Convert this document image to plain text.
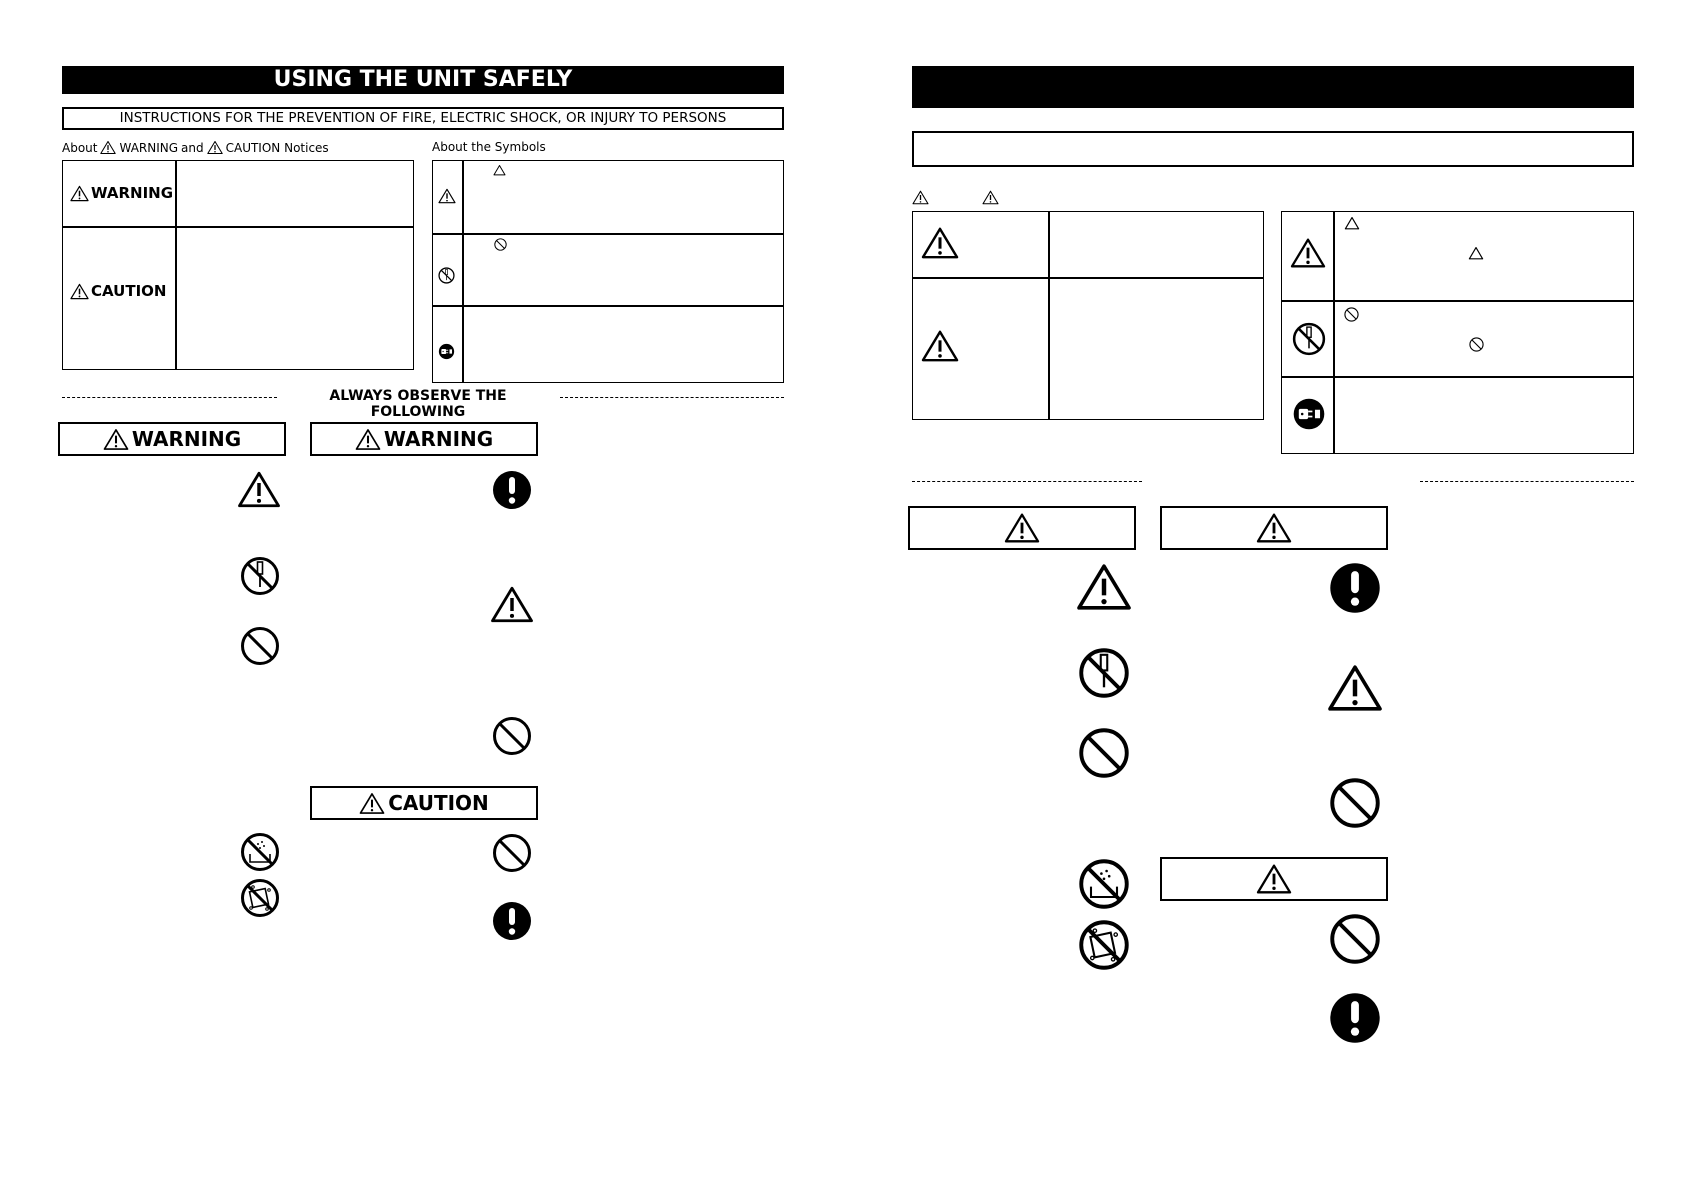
USING THE UNIT SAFELY
INSTRUCTIONS FOR THE PREVENTION OF FIRE, ELECTRIC SHOCK, OR INJURY TO PERSONS
About WARNING and CAUTION Notices	About the Symbols
WARNING
CAUTION
ALWAYS OBSERVE THE FOLLOWING
WARNING	WARNING
CAUTION
